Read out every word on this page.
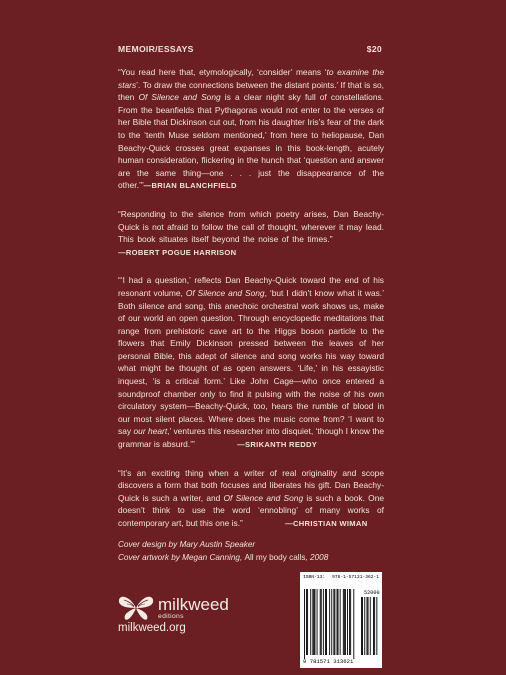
MEMOIR/ESSAYS	$20

“You read here that, etymologically, ‘consider’ means ‘to examine the stars’. To draw the connections between the distant points.’ If that is so, then Of Silence and Song is a clear night sky full of constellations. From the beanfields that Pythagoras would not enter to the verses of her Bible that Dickinson cut out, from his daughter Iris’s fear of the dark to the ‘tenth Muse seldom mentioned,’ from here to heliopause, Dan Beachy-Quick crosses great expanses in this book-length, acutely human consideration, flickering in the hunch that ‘question and answer are the same thing—one . . . just the disappearance of the other.’”—BRIAN BLANCHFIELD

“Responding to the silence from which poetry arises, Dan Beachy-Quick is not afraid to follow the call of thought, wherever it may lead. This book situates itself beyond the noise of the times.” —ROBERT POGUE HARRISON

“‘I had a question,’ reflects Dan Beachy-Quick toward the end of his resonant volume, Of Silence and Song, ‘but I didn’t know what it was.’ Both silence and song, this anechoic orchestral work shows us, make of our world an open question. Through encyclopedic meditations that range from prehistoric cave art to the Higgs boson particle to the flowers that Emily Dickinson pressed between the leaves of her personal Bible, this adept of silence and song works his way toward what might be thought of as open answers. ‘Life,’ in his essayistic inquest, ‘is a critical form.’ Like John Cage—who once entered a soundproof chamber only to find it pulsing with the noise of his own circulatory system—Beachy-Quick, too, hears the rumble of blood in our most silent places. Where does the music come from? ‘I want to say our heart,’ ventures this researcher into disquiet, ‘though I know the grammar is absurd.’”	—SRIKANTH REDDY

“It’s an exciting thing when a writer of real originality and scope discovers a form that both focuses and liberates his gift. Dan Beachy-Quick is such a writer, and Of Silence and Song is such a book. One doesn’t think to use the word ‘ennobling’ of many works of contemporary art, but this one is.”	—CHRISTIAN WIMAN

Cover design by Mary Austin Speaker
Cover artwork by Megan Canning, All my body calls, 2008
milkweed
editions
milkweed.org
ISBN-13: 978-1-57131-362-1
52000
9 781571 313621
